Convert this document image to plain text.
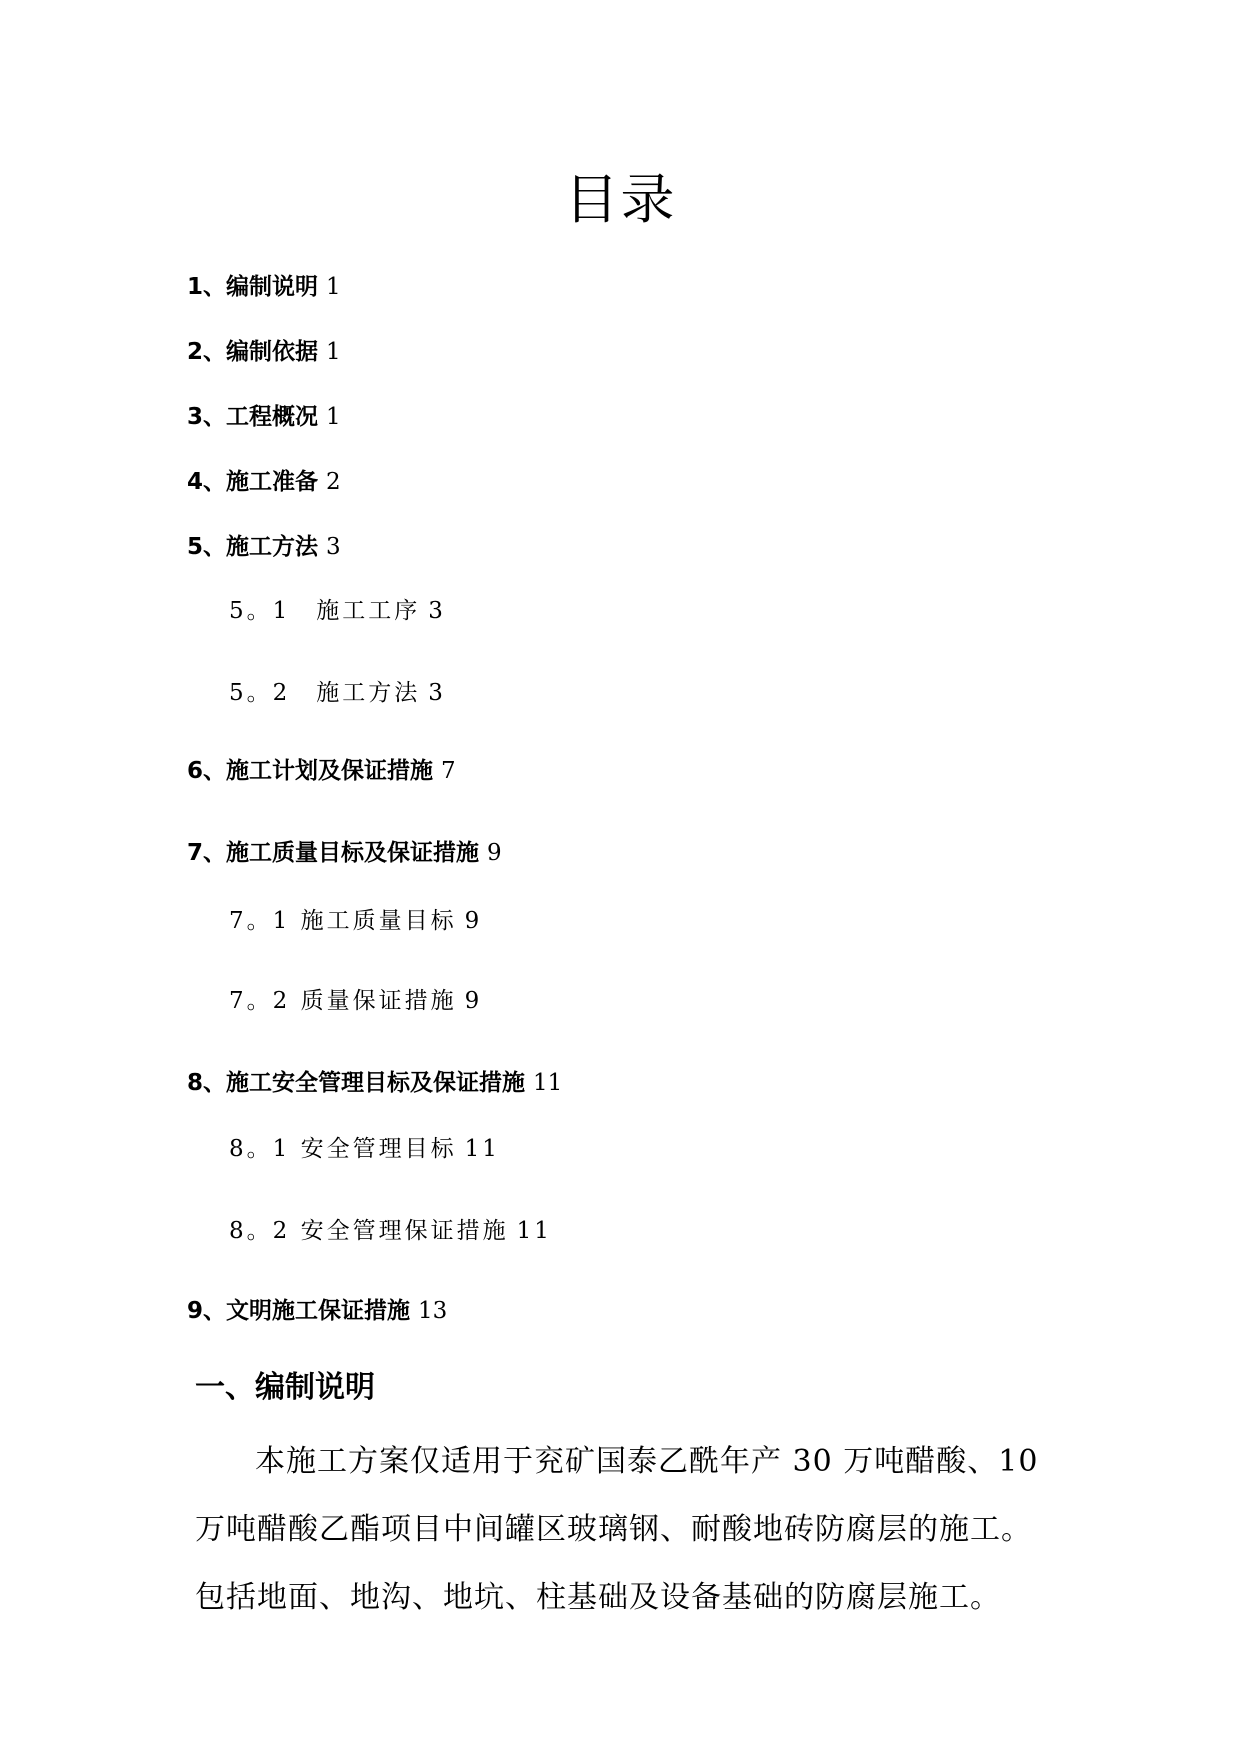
目录
1、编制说明 1
2、编制依据 1
3、工程概况 1
4、施工准备 2
5、施工方法 3
5。1　施工工序 3
5。2　施工方法 3
6、施工计划及保证措施 7
7、施工质量目标及保证措施 9
7。1 施工质量目标 9
7。2 质量保证措施 9
8、施工安全管理目标及保证措施 11
8。1 安全管理目标 11
8。2 安全管理保证措施 11
9、文明施工保证措施 13
一、编制说明
本施工方案仅适用于兖矿国泰乙酰年产 30 万吨醋酸、10 万吨醋酸乙酯项目中间罐区玻璃钢、耐酸地砖防腐层的施工。 包括地面、地沟、地坑、柱基础及设备基础的防腐层施工。
